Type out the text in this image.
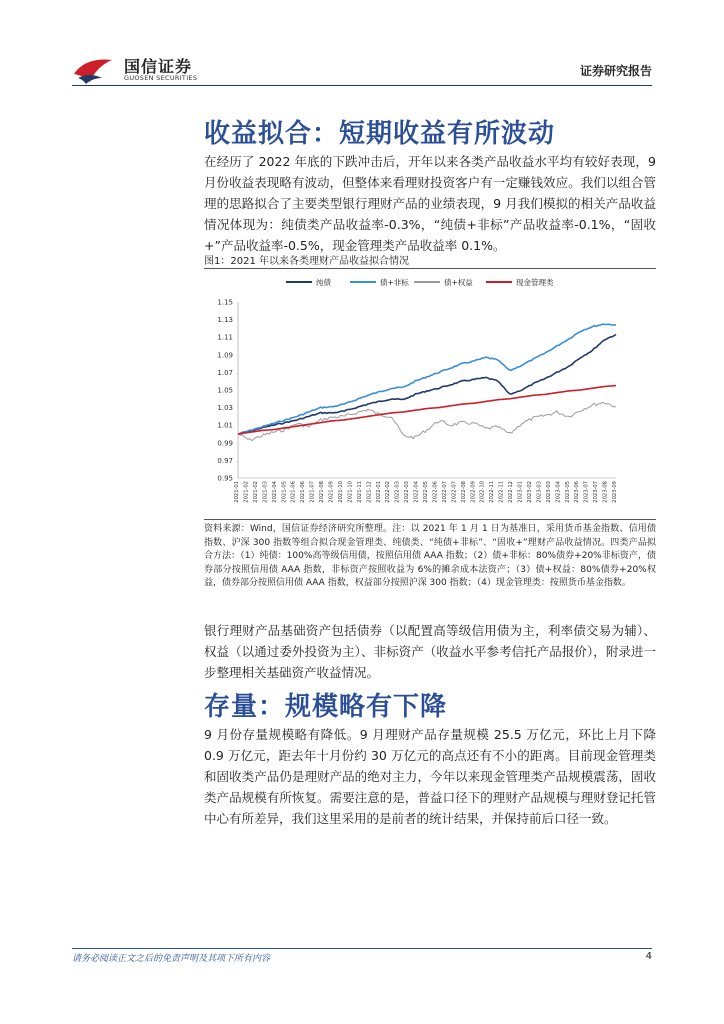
国信证券
GUOSEN SECURITIES	证券研究报告
收益拟合：短期收益有所波动

在经历了 2022 年底的下跌冲击后，开年以来各类产品收益水平均有较好表现，9 月份收益表现略有波动，但整体来看理财投资客户有一定赚钱效应。我们以组合管理的思路拟合了主要类型银行理财产品的业绩表现，9 月我们模拟的相关产品收益情况体现为：纯债类产品收益率-0.3%，“纯债+非标”产品收益率-0.1%，“固收+”产品收益率-0.5%，现金管理类产品收益率 0.1%。

图1：2021 年以来各类理财产品收益拟合情况
纯债	债+非标	债+权益	现金管理类
1.15
1.13
1.11
1.09
1.07
1.05
1.03
1.01
0.99
0.97
0.95
2021-01 2021-02 2021-02 2021-03 2021-04 2021-05 2021-06 2021-06 2021-07 2021-08 2021-09 2021-10 2021-10 2021-11 2021-12 2022-01 2022-02 2022-03 2022-03 2022-04 2022-05 2022-06 2022-07 2022-07 2022-08 2022-09 2022-10 2022-11 2022-11 2022-12 2023-01 2023-02 2023-03 2023-03 2023-04 2023-05 2023-06 2023-07 2023-07 2023-08 2023-09

资料来源：Wind，国信证券经济研究所整理。注：以 2021 年 1 月 1 日为基准日，采用货币基金指数、信用债指数、沪深 300 指数等组合拟合现金管理类、纯债类、“纯债+非标”、“固收+”理财产品收益情况。四类产品拟合方法：（1）纯债：100%高等级信用债，按照信用债 AAA 指数；（2）债+非标：80%债券+20%非标资产，债券部分按照信用债 AAA 指数，非标资产按照收益为 6%的摊余成本法资产；（3）债+权益：80%债券+20%权益，债券部分按照信用债 AAA 指数，权益部分按照沪深 300 指数；（4）现金管理类：按照货币基金指数。

银行理财产品基础资产包括债券（以配置高等级信用债为主，利率债交易为辅）、权益（以通过委外投资为主）、非标资产（收益水平参考信托产品报价），附录进一步整理相关基础资产收益情况。

存量：规模略有下降

9 月份存量规模略有降低。9 月理财产品存量规模 25.5 万亿元，环比上月下降 0.9 万亿元，距去年十月份约 30 万亿元的高点还有不小的距离。目前现金管理类和固收类产品仍是理财产品的绝对主力，今年以来现金管理类产品规模震荡，固收类产品规模有所恢复。需要注意的是，普益口径下的理财产品规模与理财登记托管中心有所差异，我们这里采用的是前者的统计结果，并保持前后口径一致。

请务必阅读正文之后的免责声明及其项下所有内容	4
